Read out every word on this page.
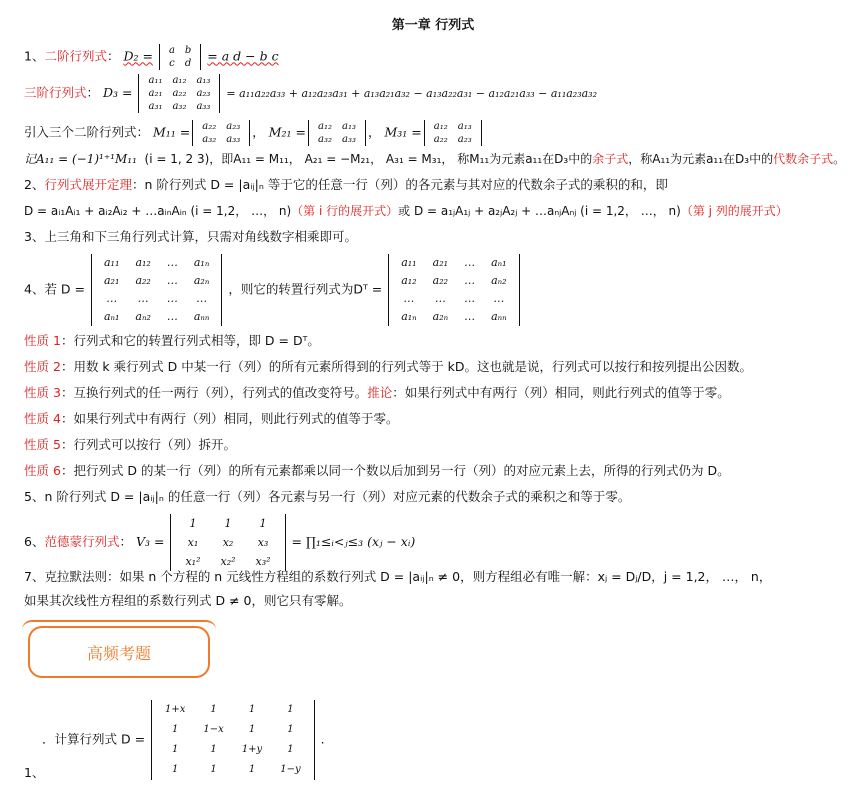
第一章 行列式
1、二阶行列式： D₂ = a	b
c	d = a d − b c
三阶行列式： D₃ =
a₁₁	a₁₂	a₁₃
a₂₁	a₂₂	a₂₃
a₃₁	a₃₂	a₃₃
= a₁₁a₂₂a₃₃ + a₁₂a₂₃a₃₁ + a₁₃a₂₁a₃₂ − a₁₃a₂₂a₃₁ − a₁₂a₂₁a₃₃ − a₁₁a₂₃a₃₂
引入三个二阶行列式： M₁₁ = a₂₂	a₂₃
a₃₂	a₃₃ ， M₂₁ = a₁₂	a₁₃
a₃₂	a₃₃ ， M₃₁ = a₁₂	a₁₃
a₂₂	a₂₃
记A₁₁ = (−1)¹⁺¹M₁₁ (i = 1, 2 3)，即A₁₁ = M₁₁， A₂₁ = −M₂₁， A₃₁ = M₃₁， 称M₁₁为元素a₁₁在D₃中的余子式，称A₁₁为元素a₁₁在D₃中的代数余子式。
2、行列式展开定理：n 阶行列式 D = |aᵢⱼ|ₙ 等于它的任意一行（列）的各元素与其对应的代数余子式的乘积的和，即
D = aᵢ₁Aᵢ₁ + aᵢ₂Aᵢ₂ + …aᵢₙAᵢₙ (i = 1,2， …， n)（第 i 行的展开式）或 D = a₁ⱼA₁ⱼ + a₂ⱼA₂ⱼ + …aₙⱼAₙⱼ (i = 1,2， …， n)（第 j 列的展开式）
3、上三角和下三角行列式计算，只需对角线数字相乘即可。
4、若 D =
a₁₁	a₁₂	…	a₁ₙ
a₂₁	a₂₂	…	a₂ₙ
…	…	…	…
aₙ₁	aₙ₂	…	aₙₙ
，则它的转置行列式为Dᵀ =
a₁₁	a₂₁	…	aₙ₁
a₁₂	a₂₂	…	aₙ₂
…	…	…	…
a₁ₙ	a₂ₙ	…	aₙₙ
性质 1：行列式和它的转置行列式相等，即 D = Dᵀ。
性质 2：用数 k 乘行列式 D 中某一行（列）的所有元素所得到的行列式等于 kD。这也就是说，行列式可以按行和按列提出公因数。
性质 3：互换行列式的任一两行（列），行列式的值改变符号。推论：如果行列式中有两行（列）相同，则此行列式的值等于零。
性质 4：如果行列式中有两行（列）相同，则此行列式的值等于零。
性质 5：行列式可以按行（列）拆开。
性质 6：把行列式 D 的某一行（列）的所有元素都乘以同一个数以后加到另一行（列）的对应元素上去，所得的行列式仍为 D。
5、n 阶行列式 D = |aᵢⱼ|ₙ 的任意一行（列）各元素与另一行（列）对应元素的代数余子式的乘积之和等于零。
6、范德蒙行列式： V₃ =
1	1	1
x₁	x₂	x₃
x₁²	x₂²	x₃²
= ∏₁≤ᵢ<ⱼ≤₃ (xⱼ − xᵢ)
7、克拉默法则：如果 n 个方程的 n 元线性方程组的系数行列式 D = |aᵢⱼ|ₙ ≠ 0，则方程组必有唯一解：xⱼ = Dⱼ/D，j = 1,2， …， n，
如果其次线性方程组的系数行列式 D ≠ 0，则它只有零解。
高频考题
．计算行列式 D =
1+x	1	1	1
1	1−x	1	1
1	1	1+y	1
1	1	1	1−y
.
1、
